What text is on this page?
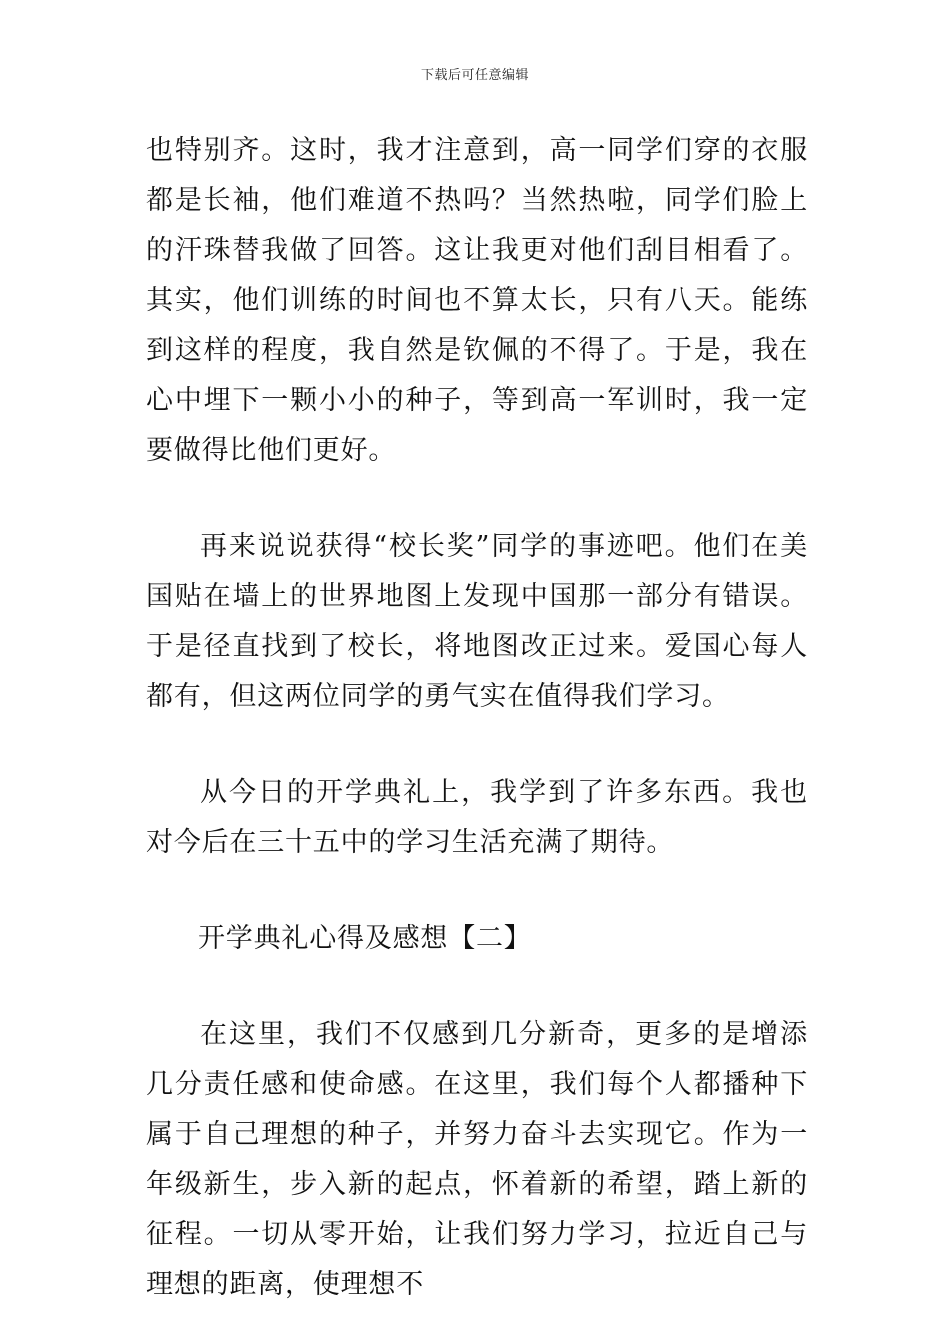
下载后可任意编辑

也特别齐。这时，我才注意到，高一同学们穿的衣服都是长袖，他们难道不热吗？当然热啦，同学们脸上的汗珠替我做了回答。这让我更对他们刮目相看了。其实，他们训练的时间也不算太长，只有八天。能练到这样的程度，我自然是钦佩的不得了。于是，我在心中埋下一颗小小的种子，等到高一军训时，我一定要做得比他们更好。

再来说说获得“校长奖”同学的事迹吧。他们在美国贴在墙上的世界地图上发现中国那一部分有错误。于是径直找到了校长，将地图改正过来。爱国心每人都有，但这两位同学的勇气实在值得我们学习。

从今日的开学典礼上，我学到了许多东西。我也对今后在三十五中的学习生活充满了期待。

开学典礼心得及感想【二】

在这里，我们不仅感到几分新奇，更多的是增添几分责任感和使命感。在这里，我们每个人都播种下属于自己理想的种子，并努力奋斗去实现它。作为一年级新生，步入新的起点，怀着新的希望，踏上新的征程。一切从零开始，让我们努力学习，拉近自己与理想的距离，使理想不
